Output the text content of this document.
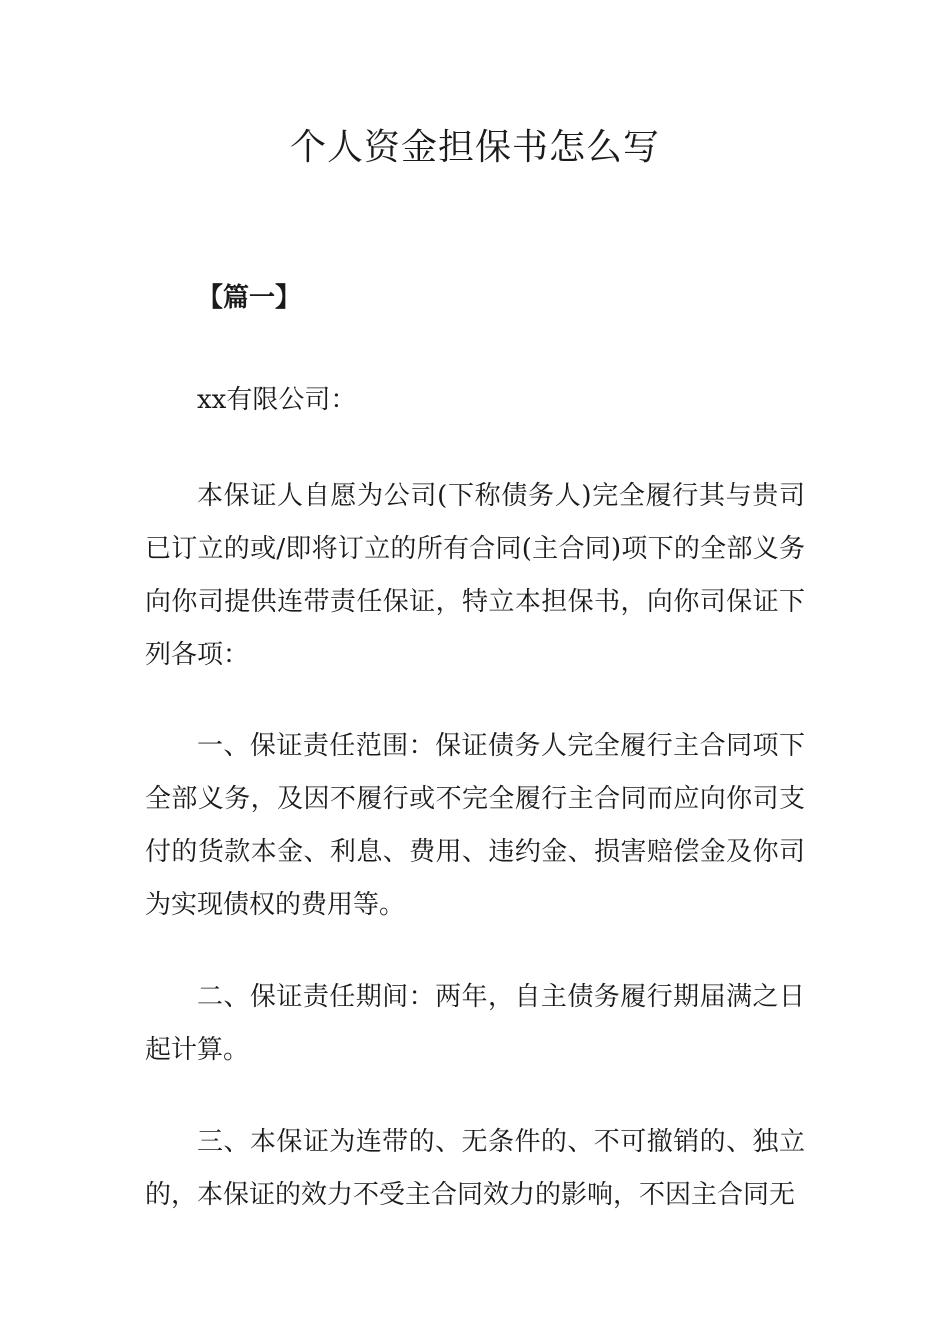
个人资金担保书怎么写

【篇一】

xx有限公司：

本保证人自愿为公司(下称债务人)完全履行其与贵司已订立的或/即将订立的所有合同(主合同)项下的全部义务向你司提供连带责任保证，特立本担保书，向你司保证下列各项：

一、保证责任范围：保证债务人完全履行主合同项下全部义务，及因不履行或不完全履行主合同而应向你司支付的货款本金、利息、费用、违约金、损害赔偿金及你司为实现债权的费用等。

二、保证责任期间：两年，自主债务履行期届满之日起计算。

三、本保证为连带的、无条件的、不可撤销的、独立的，本保证的效力不受主合同效力的影响，不因主合同无
